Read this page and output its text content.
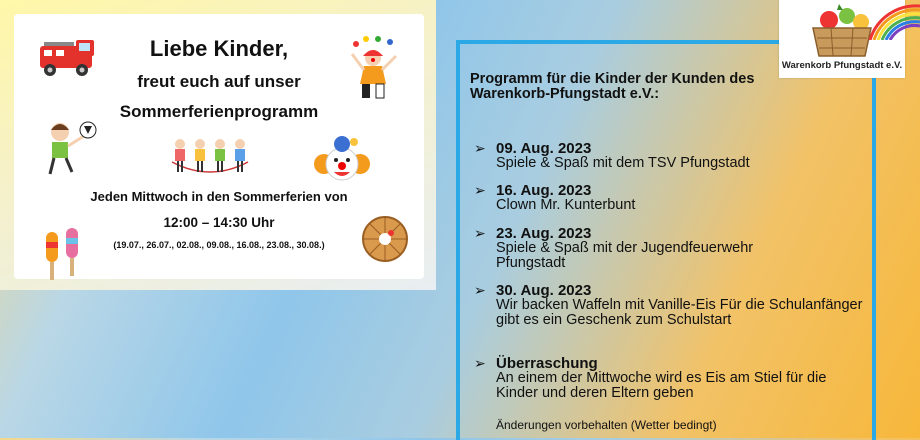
Liebe Kinder,
freut euch auf unser
Sommerferienprogramm
Jeden Mittwoch in den Sommerferien von
12:00 – 14:30 Uhr
(19.07., 26.07., 02.08., 09.08., 16.08., 23.08., 30.08.)
Programm für die Kinder der Kunden des Warenkorb-Pfungstadt e.V.:
➢ 09. Aug. 2023
Spiele & Spaß mit dem TSV Pfungstadt
➢ 16. Aug. 2023
Clown Mr. Kunterbunt
➢ 23. Aug. 2023
Spiele & Spaß mit der Jugendfeuerwehr Pfungstadt
➢ 30. Aug. 2023
Wir backen Waffeln mit Vanille-Eis Für die Schulanfänger gibt es ein Geschenk zum Schulstart
➢ Überraschung
An einem der Mittwoche wird es Eis am Stiel für die Kinder und deren Eltern geben
Änderungen vorbehalten (Wetter bedingt)
Warenkorb Pfungstadt e.V.
